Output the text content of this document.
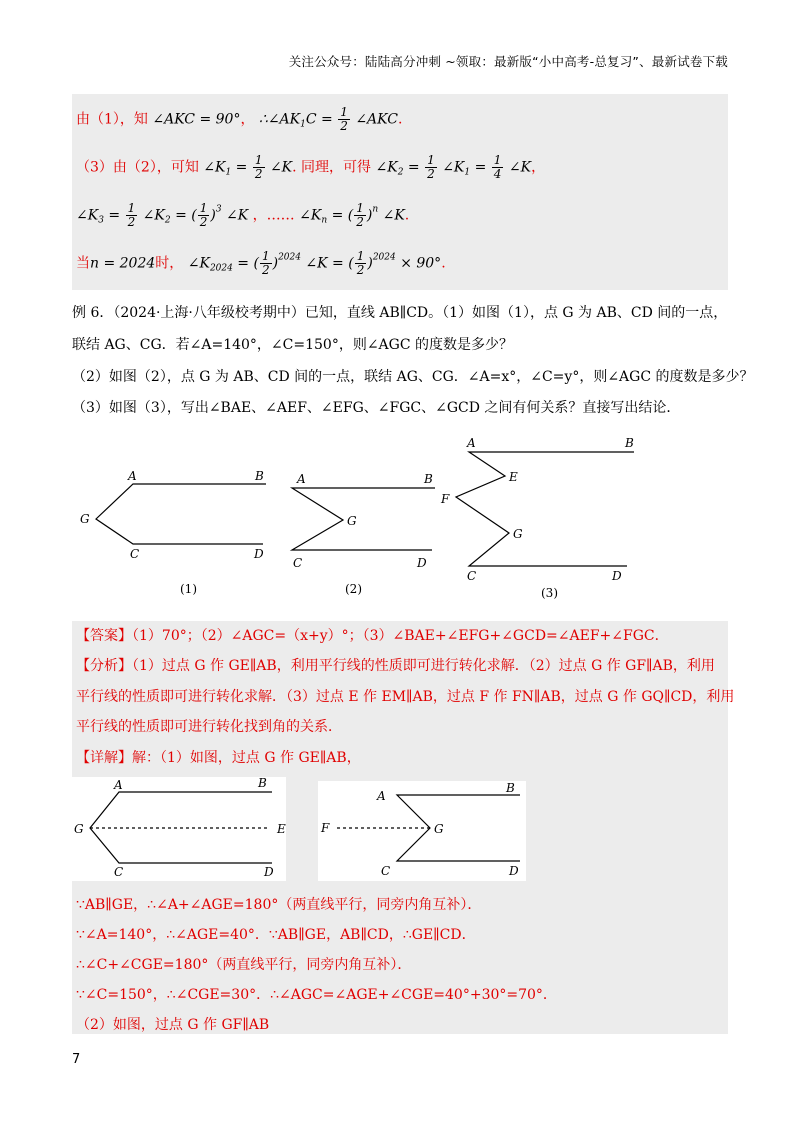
关注公众号：陆陆高分冲刺 ~领取：最新版“小中高考-总复习”、最新试卷下载
由（1），知 ∠AKC = 90°， $\therefore\angle AK_1C = \frac{1}{2}$ ∠AKC.
（3）由（2），可知 $\angle K_1 = \frac{1}{2}$ ∠K. 同理，可得 $\angle K_2 = \frac{1}{2}$ $\angle K_1 = \frac{1}{4}$ ∠K，
$\angle K_3 = \frac{1}{2}$ $\angle K_2$ = ( $\frac{1}{2} )^3$ ∠K ，…… $\angle K_n$ = ( $\frac{1}{2} )^n$ ∠K.
当n = 2024时， $\angle K_{2024}$ = ( $\frac{1}{2} )^{2024}$ ∠K = ( $\frac{1}{2} )^{2024} \times 90^\circ$.
例 6．（2024·上海·八年级校考期中）已知，直线 AB∥CD。（1）如图（1），点 G 为 AB、CD 间的一点，
联结 AG、CG．若∠A=140°，∠C=150°，则∠AGC 的度数是多少？
（2）如图（2），点 G 为 AB、CD 间的一点，联结 AG、CG．∠A=x°，∠C=y°，则∠AGC 的度数是多少？
（3）如图（3），写出∠BAE、∠AEF、∠EFG、∠FGC、∠GCD 之间有何关系？直接写出结论．
A	B
G
C	D
(1)
A	B
G
C	D
(2)
A	B
E
F
G
C	D
(3)
【答案】（1）70°；（2）∠AGC=（x+y）°；（3）∠BAE+∠EFG+∠GCD=∠AEF+∠FGC．
【分析】（1）过点 G 作 GE∥AB，利用平行线的性质即可进行转化求解．（2）过点 G 作 GF∥AB，利用
平行线的性质即可进行转化求解．（3）过点 E 作 EM∥AB，过点 F 作 FN∥AB，过点 G 作 GQ∥CD，利用
平行线的性质即可进行转化找到角的关系．
【详解】解：（1）如图，过点 G 作 GE∥AB，
A	B
G	E
C	D
A
B
F	G
C	D
∵AB∥GE，∴∠A+∠AGE=180°（两直线平行，同旁内角互补）．
∵∠A=140°，∴∠AGE=40°．∵AB∥GE，AB∥CD，∴GE∥CD．
∴∠C+∠CGE=180°（两直线平行，同旁内角互补）．
∵∠C=150°，∴∠CGE=30°．∴∠AGC=∠AGE+∠CGE=40°+30°=70°．
（2）如图，过点 G 作 GF∥AB
7
